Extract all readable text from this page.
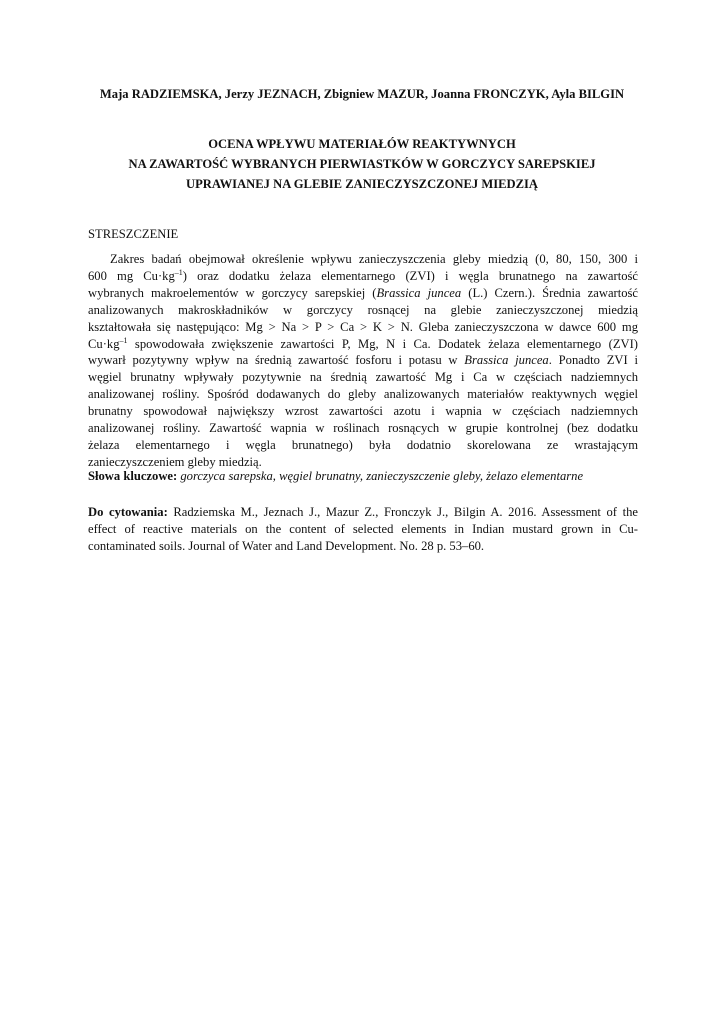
Maja RADZIEMSKA, Jerzy JEZNACH, Zbigniew MAZUR, Joanna FRONCZYK, Ayla BILGIN
OCENA WPŁYWU MATERIAŁÓW REAKTYWNYCH
NA ZAWARTOŚĆ WYBRANYCH PIERWIASTKÓW W GORCZYCY SAREPSKIEJ
UPRAWIANEJ NA GLEBIE ZANIECZYSZCZONEJ MIEDZIĄ
STRESZCZENIE
Zakres badań obejmował określenie wpływu zanieczyszczenia gleby miedzią (0, 80, 150, 300 i
600 mg $Cu\cdot kg^{-1}$) oraz dodatku żelaza elementarnego (ZVI) i węgla brunatnego na zawartość
wybranych makroelementów w gorczycy sarepskiej (Brassica juncea (L.) Czern.). Średnia zawartość
analizowanych makroskładników w gorczycy rosnącej na glebie zanieczyszczonej miedzią
kształtowała się następująco: Mg > Na > P > Ca > K > N. Gleba zanieczyszczona w dawce 600 mg
$Cu\cdot kg^{-1}$ spowodowała zwiększenie zawartości P, Mg, N i Ca. Dodatek żelaza elementarnego (ZVI)
wywarł pozytywny wpływ na średnią zawartość fosforu i potasu w Brassica juncea. Ponadto ZVI i
węgiel brunatny wpływały pozytywnie na średnią zawartość Mg i Ca w częściach nadziemnych
analizowanej rośliny. Spośród dodawanych do gleby analizowanych materiałów reaktywnych węgiel
brunatny spowodował największy wzrost zawartości azotu i wapnia w częściach nadziemnych
analizowanej rośliny. Zawartość wapnia w roślinach rosnących w grupie kontrolnej (bez dodatku
żelaza elementarnego i węgla brunatnego) była dodatnio skorelowana ze wrastającym
zanieczyszczeniem gleby miedzią.
Słowa kluczowe: gorczyca sarepska, węgiel brunatny, zanieczyszczenie gleby, żelazo elementarne
Do cytowania: Radziemska M., Jeznach J., Mazur Z., Fronczyk J., Bilgin A. 2016. Assessment of the
effect of reactive materials on the content of selected elements in Indian mustard grown in Cu-
contaminated soils. Journal of Water and Land Development. No. 28 p. 53–60.
